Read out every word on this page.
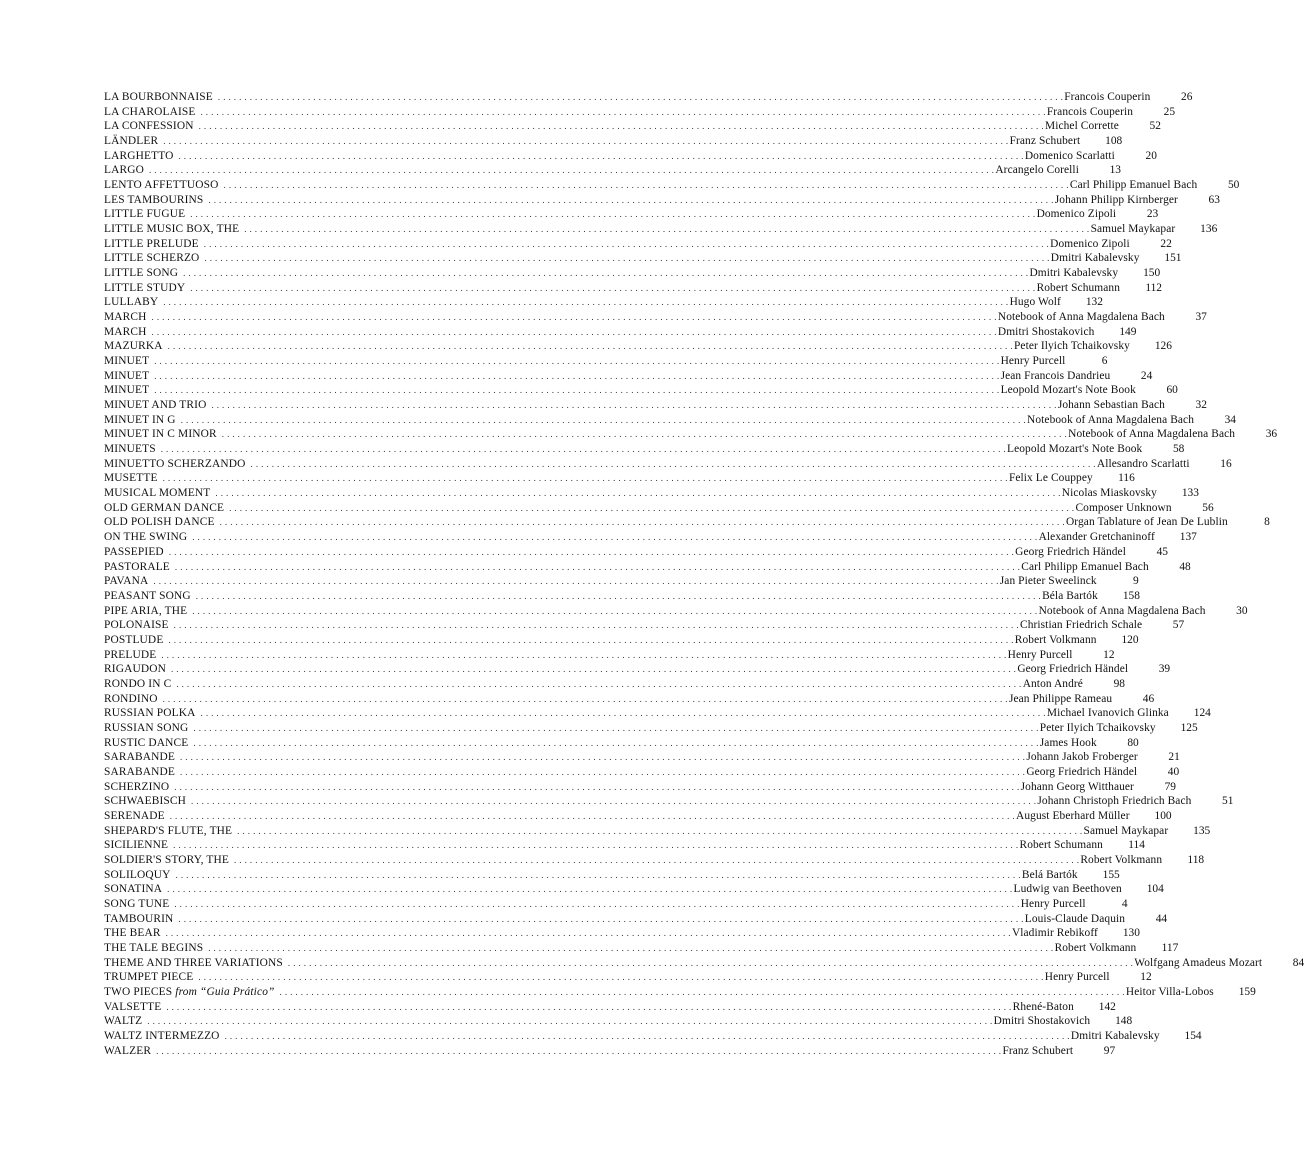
LA BOURBONNAISE . . . . . . . . . . . . . . . . . . . . . . . . . . . . . . . . . . . . . . . . . . . . . . . . . . . . . . . . . . . . . . . . . . . . . . . . . . . . . . . . . . . . . . . . . . . . . . . . . . . . . . . . . . . . . . . . . . . . . . . . . . . . . . . . . . . . . . . . . . . . . . . . . . . . . . . . . . . . . . . . Francois Couperin	26
LA CHAROLAISE . . . . . . . . . . . . . . . . . . . . . . . . . . . . . . . . . . . . . . . . . . . . . . . . . . . . . . . . . . . . . . . . . . . . . . . . . . . . . . . . . . . . . . . . . . . . . . . . . . . . . . . . . . . . . . . . . . . . . . . . . . . . . . . . . . . . . . . . . . . . . . . . . . . . . . . . . . . . . . . . Francois Couperin	25
LA CONFESSION . . . . . . . . . . . . . . . . . . . . . . . . . . . . . . . . . . . . . . . . . . . . . . . . . . . . . . . . . . . . . . . . . . . . . . . . . . . . . . . . . . . . . . . . . . . . . . . . . . . . . . . . . . . . . . . . . . . . . . . . . . . . . . . . . . . . . . . . . . . . . . . . . . . . . . . . . . . . . . . . Michel Corrette	52
LÄNDLER . . . . . . . . . . . . . . . . . . . . . . . . . . . . . . . . . . . . . . . . . . . . . . . . . . . . . . . . . . . . . . . . . . . . . . . . . . . . . . . . . . . . . . . . . . . . . . . . . . . . . . . . . . . . . . . . . . . . . . . . . . . . . . . . . . . . . . . . . . . . . . . . . . . . . . . . . . . . . . . . Franz Schubert	108
LARGHETTO . . . . . . . . . . . . . . . . . . . . . . . . . . . . . . . . . . . . . . . . . . . . . . . . . . . . . . . . . . . . . . . . . . . . . . . . . . . . . . . . . . . . . . . . . . . . . . . . . . . . . . . . . . . . . . . . . . . . . . . . . . . . . . . . . . . . . . . . . . . . . . . . . . . . . . . . . . . . . . . . Domenico Scarlatti	20
LARGO . . . . . . . . . . . . . . . . . . . . . . . . . . . . . . . . . . . . . . . . . . . . . . . . . . . . . . . . . . . . . . . . . . . . . . . . . . . . . . . . . . . . . . . . . . . . . . . . . . . . . . . . . . . . . . . . . . . . . . . . . . . . . . . . . . . . . . . . . . . . . . . . . . . . . . . . . . . . . . . . Arcangelo Corelli	13
LENTO AFFETTUOSO . . . . . . . . . . . . . . . . . . . . . . . . . . . . . . . . . . . . . . . . . . . . . . . . . . . . . . . . . . . . . . . . . . . . . . . . . . . . . . . . . . . . . . . . . . . . . . . . . . . . . . . . . . . . . . . . . . . . . . . . . . . . . . . . . . . . . . . . . . . . . . . . . . . . . . . . . . . . . . . . Carl Philipp Emanuel Bach	50
LES TAMBOURINS . . . . . . . . . . . . . . . . . . . . . . . . . . . . . . . . . . . . . . . . . . . . . . . . . . . . . . . . . . . . . . . . . . . . . . . . . . . . . . . . . . . . . . . . . . . . . . . . . . . . . . . . . . . . . . . . . . . . . . . . . . . . . . . . . . . . . . . . . . . . . . . . . . . . . . . . . . . . . . . . Johann Philipp Kirnberger	63
LITTLE FUGUE . . . . . . . . . . . . . . . . . . . . . . . . . . . . . . . . . . . . . . . . . . . . . . . . . . . . . . . . . . . . . . . . . . . . . . . . . . . . . . . . . . . . . . . . . . . . . . . . . . . . . . . . . . . . . . . . . . . . . . . . . . . . . . . . . . . . . . . . . . . . . . . . . . . . . . . . . . . . . . . . Domenico Zipoli	23
LITTLE MUSIC BOX, THE . . . . . . . . . . . . . . . . . . . . . . . . . . . . . . . . . . . . . . . . . . . . . . . . . . . . . . . . . . . . . . . . . . . . . . . . . . . . . . . . . . . . . . . . . . . . . . . . . . . . . . . . . . . . . . . . . . . . . . . . . . . . . . . . . . . . . . . . . . . . . . . . . . . . . . . . . . . . . . . . Samuel Maykapar	136
LITTLE PRELUDE . . . . . . . . . . . . . . . . . . . . . . . . . . . . . . . . . . . . . . . . . . . . . . . . . . . . . . . . . . . . . . . . . . . . . . . . . . . . . . . . . . . . . . . . . . . . . . . . . . . . . . . . . . . . . . . . . . . . . . . . . . . . . . . . . . . . . . . . . . . . . . . . . . . . . . . . . . . . . . . . Domenico Zipoli	22
LITTLE SCHERZO . . . . . . . . . . . . . . . . . . . . . . . . . . . . . . . . . . . . . . . . . . . . . . . . . . . . . . . . . . . . . . . . . . . . . . . . . . . . . . . . . . . . . . . . . . . . . . . . . . . . . . . . . . . . . . . . . . . . . . . . . . . . . . . . . . . . . . . . . . . . . . . . . . . . . . . . . . . . . . . . Dmitri Kabalevsky	151
LITTLE SONG . . . . . . . . . . . . . . . . . . . . . . . . . . . . . . . . . . . . . . . . . . . . . . . . . . . . . . . . . . . . . . . . . . . . . . . . . . . . . . . . . . . . . . . . . . . . . . . . . . . . . . . . . . . . . . . . . . . . . . . . . . . . . . . . . . . . . . . . . . . . . . . . . . . . . . . . . . . . . . . . Dmitri Kabalevsky	150
LITTLE STUDY . . . . . . . . . . . . . . . . . . . . . . . . . . . . . . . . . . . . . . . . . . . . . . . . . . . . . . . . . . . . . . . . . . . . . . . . . . . . . . . . . . . . . . . . . . . . . . . . . . . . . . . . . . . . . . . . . . . . . . . . . . . . . . . . . . . . . . . . . . . . . . . . . . . . . . . . . . . . . . . . Robert Schumann	112
LULLABY . . . . . . . . . . . . . . . . . . . . . . . . . . . . . . . . . . . . . . . . . . . . . . . . . . . . . . . . . . . . . . . . . . . . . . . . . . . . . . . . . . . . . . . . . . . . . . . . . . . . . . . . . . . . . . . . . . . . . . . . . . . . . . . . . . . . . . . . . . . . . . . . . . . . . . . . . . . . . . . . Hugo Wolf	132
MARCH . . . . . . . . . . . . . . . . . . . . . . . . . . . . . . . . . . . . . . . . . . . . . . . . . . . . . . . . . . . . . . . . . . . . . . . . . . . . . . . . . . . . . . . . . . . . . . . . . . . . . . . . . . . . . . . . . . . . . . . . . . . . . . . . . . . . . . . . . . . . . . . . . . . . . . . . . . . . . . . . Notebook of Anna Magdalena Bach	37
MARCH . . . . . . . . . . . . . . . . . . . . . . . . . . . . . . . . . . . . . . . . . . . . . . . . . . . . . . . . . . . . . . . . . . . . . . . . . . . . . . . . . . . . . . . . . . . . . . . . . . . . . . . . . . . . . . . . . . . . . . . . . . . . . . . . . . . . . . . . . . . . . . . . . . . . . . . . . . . . . . . . Dmitri Shostakovich	149
MAZURKA . . . . . . . . . . . . . . . . . . . . . . . . . . . . . . . . . . . . . . . . . . . . . . . . . . . . . . . . . . . . . . . . . . . . . . . . . . . . . . . . . . . . . . . . . . . . . . . . . . . . . . . . . . . . . . . . . . . . . . . . . . . . . . . . . . . . . . . . . . . . . . . . . . . . . . . . . . . . . . . . Peter Ilyich Tchaikovsky	126
MINUET . . . . . . . . . . . . . . . . . . . . . . . . . . . . . . . . . . . . . . . . . . . . . . . . . . . . . . . . . . . . . . . . . . . . . . . . . . . . . . . . . . . . . . . . . . . . . . . . . . . . . . . . . . . . . . . . . . . . . . . . . . . . . . . . . . . . . . . . . . . . . . . . . . . . . . . . . . . . . . . . Henry Purcell	6
MINUET . . . . . . . . . . . . . . . . . . . . . . . . . . . . . . . . . . . . . . . . . . . . . . . . . . . . . . . . . . . . . . . . . . . . . . . . . . . . . . . . . . . . . . . . . . . . . . . . . . . . . . . . . . . . . . . . . . . . . . . . . . . . . . . . . . . . . . . . . . . . . . . . . . . . . . . . . . . . . . . . Jean Francois Dandrieu	24
MINUET . . . . . . . . . . . . . . . . . . . . . . . . . . . . . . . . . . . . . . . . . . . . . . . . . . . . . . . . . . . . . . . . . . . . . . . . . . . . . . . . . . . . . . . . . . . . . . . . . . . . . . . . . . . . . . . . . . . . . . . . . . . . . . . . . . . . . . . . . . . . . . . . . . . . . . . . . . . . . . . . Leopold Mozart's Note Book	60
MINUET AND TRIO . . . . . . . . . . . . . . . . . . . . . . . . . . . . . . . . . . . . . . . . . . . . . . . . . . . . . . . . . . . . . . . . . . . . . . . . . . . . . . . . . . . . . . . . . . . . . . . . . . . . . . . . . . . . . . . . . . . . . . . . . . . . . . . . . . . . . . . . . . . . . . . . . . . . . . . . . . . . . . . . Johann Sebastian Bach	32
MINUET IN G . . . . . . . . . . . . . . . . . . . . . . . . . . . . . . . . . . . . . . . . . . . . . . . . . . . . . . . . . . . . . . . . . . . . . . . . . . . . . . . . . . . . . . . . . . . . . . . . . . . . . . . . . . . . . . . . . . . . . . . . . . . . . . . . . . . . . . . . . . . . . . . . . . . . . . . . . . . . . . . . Notebook of Anna Magdalena Bach	34
MINUET IN C MINOR . . . . . . . . . . . . . . . . . . . . . . . . . . . . . . . . . . . . . . . . . . . . . . . . . . . . . . . . . . . . . . . . . . . . . . . . . . . . . . . . . . . . . . . . . . . . . . . . . . . . . . . . . . . . . . . . . . . . . . . . . . . . . . . . . . . . . . . . . . . . . . . . . . . . . . . . . . . . . . . . Notebook of Anna Magdalena Bach	36
MINUETS . . . . . . . . . . . . . . . . . . . . . . . . . . . . . . . . . . . . . . . . . . . . . . . . . . . . . . . . . . . . . . . . . . . . . . . . . . . . . . . . . . . . . . . . . . . . . . . . . . . . . . . . . . . . . . . . . . . . . . . . . . . . . . . . . . . . . . . . . . . . . . . . . . . . . . . . . . . . . . . . Leopold Mozart's Note Book	58
MINUETTO SCHERZANDO . . . . . . . . . . . . . . . . . . . . . . . . . . . . . . . . . . . . . . . . . . . . . . . . . . . . . . . . . . . . . . . . . . . . . . . . . . . . . . . . . . . . . . . . . . . . . . . . . . . . . . . . . . . . . . . . . . . . . . . . . . . . . . . . . . . . . . . . . . . . . . . . . . . . . . . . . . . . . . . . Allesandro Scarlatti	16
MUSETTE . . . . . . . . . . . . . . . . . . . . . . . . . . . . . . . . . . . . . . . . . . . . . . . . . . . . . . . . . . . . . . . . . . . . . . . . . . . . . . . . . . . . . . . . . . . . . . . . . . . . . . . . . . . . . . . . . . . . . . . . . . . . . . . . . . . . . . . . . . . . . . . . . . . . . . . . . . . . . . . . Felix Le Couppey	116
MUSICAL MOMENT . . . . . . . . . . . . . . . . . . . . . . . . . . . . . . . . . . . . . . . . . . . . . . . . . . . . . . . . . . . . . . . . . . . . . . . . . . . . . . . . . . . . . . . . . . . . . . . . . . . . . . . . . . . . . . . . . . . . . . . . . . . . . . . . . . . . . . . . . . . . . . . . . . . . . . . . . . . . . . . . Nicolas Miaskovsky	133
OLD GERMAN DANCE . . . . . . . . . . . . . . . . . . . . . . . . . . . . . . . . . . . . . . . . . . . . . . . . . . . . . . . . . . . . . . . . . . . . . . . . . . . . . . . . . . . . . . . . . . . . . . . . . . . . . . . . . . . . . . . . . . . . . . . . . . . . . . . . . . . . . . . . . . . . . . . . . . . . . . . . . . . . . . . . Composer Unknown	56
OLD POLISH DANCE . . . . . . . . . . . . . . . . . . . . . . . . . . . . . . . . . . . . . . . . . . . . . . . . . . . . . . . . . . . . . . . . . . . . . . . . . . . . . . . . . . . . . . . . . . . . . . . . . . . . . . . . . . . . . . . . . . . . . . . . . . . . . . . . . . . . . . . . . . . . . . . . . . . . . . . . . . . . . . . . Organ Tablature of Jean De Lublin	8
ON THE SWING . . . . . . . . . . . . . . . . . . . . . . . . . . . . . . . . . . . . . . . . . . . . . . . . . . . . . . . . . . . . . . . . . . . . . . . . . . . . . . . . . . . . . . . . . . . . . . . . . . . . . . . . . . . . . . . . . . . . . . . . . . . . . . . . . . . . . . . . . . . . . . . . . . . . . . . . . . . . . . . . Alexander Gretchaninoff	137
PASSEPIED . . . . . . . . . . . . . . . . . . . . . . . . . . . . . . . . . . . . . . . . . . . . . . . . . . . . . . . . . . . . . . . . . . . . . . . . . . . . . . . . . . . . . . . . . . . . . . . . . . . . . . . . . . . . . . . . . . . . . . . . . . . . . . . . . . . . . . . . . . . . . . . . . . . . . . . . . . . . . . . . Georg Friedrich Händel	45
PASTORALE . . . . . . . . . . . . . . . . . . . . . . . . . . . . . . . . . . . . . . . . . . . . . . . . . . . . . . . . . . . . . . . . . . . . . . . . . . . . . . . . . . . . . . . . . . . . . . . . . . . . . . . . . . . . . . . . . . . . . . . . . . . . . . . . . . . . . . . . . . . . . . . . . . . . . . . . . . . . . . . . Carl Philipp Emanuel Bach	48
PAVANA . . . . . . . . . . . . . . . . . . . . . . . . . . . . . . . . . . . . . . . . . . . . . . . . . . . . . . . . . . . . . . . . . . . . . . . . . . . . . . . . . . . . . . . . . . . . . . . . . . . . . . . . . . . . . . . . . . . . . . . . . . . . . . . . . . . . . . . . . . . . . . . . . . . . . . . . . . . . . . . . Jan Pieter Sweelinck	9
PEASANT SONG . . . . . . . . . . . . . . . . . . . . . . . . . . . . . . . . . . . . . . . . . . . . . . . . . . . . . . . . . . . . . . . . . . . . . . . . . . . . . . . . . . . . . . . . . . . . . . . . . . . . . . . . . . . . . . . . . . . . . . . . . . . . . . . . . . . . . . . . . . . . . . . . . . . . . . . . . . . . . . . . Béla Bartók	158
PIPE ARIA, THE . . . . . . . . . . . . . . . . . . . . . . . . . . . . . . . . . . . . . . . . . . . . . . . . . . . . . . . . . . . . . . . . . . . . . . . . . . . . . . . . . . . . . . . . . . . . . . . . . . . . . . . . . . . . . . . . . . . . . . . . . . . . . . . . . . . . . . . . . . . . . . . . . . . . . . . . . . . . . . . . Notebook of Anna Magdalena Bach	30
POLONAISE . . . . . . . . . . . . . . . . . . . . . . . . . . . . . . . . . . . . . . . . . . . . . . . . . . . . . . . . . . . . . . . . . . . . . . . . . . . . . . . . . . . . . . . . . . . . . . . . . . . . . . . . . . . . . . . . . . . . . . . . . . . . . . . . . . . . . . . . . . . . . . . . . . . . . . . . . . . . . . . . Christian Friedrich Schale	57
POSTLUDE . . . . . . . . . . . . . . . . . . . . . . . . . . . . . . . . . . . . . . . . . . . . . . . . . . . . . . . . . . . . . . . . . . . . . . . . . . . . . . . . . . . . . . . . . . . . . . . . . . . . . . . . . . . . . . . . . . . . . . . . . . . . . . . . . . . . . . . . . . . . . . . . . . . . . . . . . . . . . . . . Robert Volkmann	120
PRELUDE . . . . . . . . . . . . . . . . . . . . . . . . . . . . . . . . . . . . . . . . . . . . . . . . . . . . . . . . . . . . . . . . . . . . . . . . . . . . . . . . . . . . . . . . . . . . . . . . . . . . . . . . . . . . . . . . . . . . . . . . . . . . . . . . . . . . . . . . . . . . . . . . . . . . . . . . . . . . . . . . Henry Purcell	12
RIGAUDON . . . . . . . . . . . . . . . . . . . . . . . . . . . . . . . . . . . . . . . . . . . . . . . . . . . . . . . . . . . . . . . . . . . . . . . . . . . . . . . . . . . . . . . . . . . . . . . . . . . . . . . . . . . . . . . . . . . . . . . . . . . . . . . . . . . . . . . . . . . . . . . . . . . . . . . . . . . . . . . . Georg Friedrich Händel	39
RONDO IN C . . . . . . . . . . . . . . . . . . . . . . . . . . . . . . . . . . . . . . . . . . . . . . . . . . . . . . . . . . . . . . . . . . . . . . . . . . . . . . . . . . . . . . . . . . . . . . . . . . . . . . . . . . . . . . . . . . . . . . . . . . . . . . . . . . . . . . . . . . . . . . . . . . . . . . . . . . . . . . . . Anton André	98
RONDINO . . . . . . . . . . . . . . . . . . . . . . . . . . . . . . . . . . . . . . . . . . . . . . . . . . . . . . . . . . . . . . . . . . . . . . . . . . . . . . . . . . . . . . . . . . . . . . . . . . . . . . . . . . . . . . . . . . . . . . . . . . . . . . . . . . . . . . . . . . . . . . . . . . . . . . . . . . . . . . . . Jean Philippe Rameau	46
RUSSIAN POLKA . . . . . . . . . . . . . . . . . . . . . . . . . . . . . . . . . . . . . . . . . . . . . . . . . . . . . . . . . . . . . . . . . . . . . . . . . . . . . . . . . . . . . . . . . . . . . . . . . . . . . . . . . . . . . . . . . . . . . . . . . . . . . . . . . . . . . . . . . . . . . . . . . . . . . . . . . . . . . . . . Michael Ivanovich Glinka	124
RUSSIAN SONG . . . . . . . . . . . . . . . . . . . . . . . . . . . . . . . . . . . . . . . . . . . . . . . . . . . . . . . . . . . . . . . . . . . . . . . . . . . . . . . . . . . . . . . . . . . . . . . . . . . . . . . . . . . . . . . . . . . . . . . . . . . . . . . . . . . . . . . . . . . . . . . . . . . . . . . . . . . . . . . . Peter Ilyich Tchaikovsky	125
RUSTIC DANCE . . . . . . . . . . . . . . . . . . . . . . . . . . . . . . . . . . . . . . . . . . . . . . . . . . . . . . . . . . . . . . . . . . . . . . . . . . . . . . . . . . . . . . . . . . . . . . . . . . . . . . . . . . . . . . . . . . . . . . . . . . . . . . . . . . . . . . . . . . . . . . . . . . . . . . . . . . . . . . . . James Hook	80
SARABANDE . . . . . . . . . . . . . . . . . . . . . . . . . . . . . . . . . . . . . . . . . . . . . . . . . . . . . . . . . . . . . . . . . . . . . . . . . . . . . . . . . . . . . . . . . . . . . . . . . . . . . . . . . . . . . . . . . . . . . . . . . . . . . . . . . . . . . . . . . . . . . . . . . . . . . . . . . . . . . . . . Johann Jakob Froberger	21
SARABANDE . . . . . . . . . . . . . . . . . . . . . . . . . . . . . . . . . . . . . . . . . . . . . . . . . . . . . . . . . . . . . . . . . . . . . . . . . . . . . . . . . . . . . . . . . . . . . . . . . . . . . . . . . . . . . . . . . . . . . . . . . . . . . . . . . . . . . . . . . . . . . . . . . . . . . . . . . . . . . . . . Georg Friedrich Händel	40
SCHERZINO . . . . . . . . . . . . . . . . . . . . . . . . . . . . . . . . . . . . . . . . . . . . . . . . . . . . . . . . . . . . . . . . . . . . . . . . . . . . . . . . . . . . . . . . . . . . . . . . . . . . . . . . . . . . . . . . . . . . . . . . . . . . . . . . . . . . . . . . . . . . . . . . . . . . . . . . . . . . . . . . Johann Georg Witthauer	79
SCHWAEBISCH . . . . . . . . . . . . . . . . . . . . . . . . . . . . . . . . . . . . . . . . . . . . . . . . . . . . . . . . . . . . . . . . . . . . . . . . . . . . . . . . . . . . . . . . . . . . . . . . . . . . . . . . . . . . . . . . . . . . . . . . . . . . . . . . . . . . . . . . . . . . . . . . . . . . . . . . . . . . . . . . Johann Christoph Friedrich Bach	51
SERENADE . . . . . . . . . . . . . . . . . . . . . . . . . . . . . . . . . . . . . . . . . . . . . . . . . . . . . . . . . . . . . . . . . . . . . . . . . . . . . . . . . . . . . . . . . . . . . . . . . . . . . . . . . . . . . . . . . . . . . . . . . . . . . . . . . . . . . . . . . . . . . . . . . . . . . . . . . . . . . . . . August Eberhard Müller	100
SHEPARD'S FLUTE, THE . . . . . . . . . . . . . . . . . . . . . . . . . . . . . . . . . . . . . . . . . . . . . . . . . . . . . . . . . . . . . . . . . . . . . . . . . . . . . . . . . . . . . . . . . . . . . . . . . . . . . . . . . . . . . . . . . . . . . . . . . . . . . . . . . . . . . . . . . . . . . . . . . . . . . . . . . . . . . . . . Samuel Maykapar	135
SICILIENNE . . . . . . . . . . . . . . . . . . . . . . . . . . . . . . . . . . . . . . . . . . . . . . . . . . . . . . . . . . . . . . . . . . . . . . . . . . . . . . . . . . . . . . . . . . . . . . . . . . . . . . . . . . . . . . . . . . . . . . . . . . . . . . . . . . . . . . . . . . . . . . . . . . . . . . . . . . . . . . . . Robert Schumann	114
SOLDIER'S STORY, THE . . . . . . . . . . . . . . . . . . . . . . . . . . . . . . . . . . . . . . . . . . . . . . . . . . . . . . . . . . . . . . . . . . . . . . . . . . . . . . . . . . . . . . . . . . . . . . . . . . . . . . . . . . . . . . . . . . . . . . . . . . . . . . . . . . . . . . . . . . . . . . . . . . . . . . . . . . . . . . . . Robert Volkmann	118
SOLILOQUY . . . . . . . . . . . . . . . . . . . . . . . . . . . . . . . . . . . . . . . . . . . . . . . . . . . . . . . . . . . . . . . . . . . . . . . . . . . . . . . . . . . . . . . . . . . . . . . . . . . . . . . . . . . . . . . . . . . . . . . . . . . . . . . . . . . . . . . . . . . . . . . . . . . . . . . . . . . . . . . . Belá Bartók	155
SONATINA . . . . . . . . . . . . . . . . . . . . . . . . . . . . . . . . . . . . . . . . . . . . . . . . . . . . . . . . . . . . . . . . . . . . . . . . . . . . . . . . . . . . . . . . . . . . . . . . . . . . . . . . . . . . . . . . . . . . . . . . . . . . . . . . . . . . . . . . . . . . . . . . . . . . . . . . . . . . . . . . Ludwig van Beethoven	104
SONG TUNE . . . . . . . . . . . . . . . . . . . . . . . . . . . . . . . . . . . . . . . . . . . . . . . . . . . . . . . . . . . . . . . . . . . . . . . . . . . . . . . . . . . . . . . . . . . . . . . . . . . . . . . . . . . . . . . . . . . . . . . . . . . . . . . . . . . . . . . . . . . . . . . . . . . . . . . . . . . . . . . . Henry Purcell	4
TAMBOURIN . . . . . . . . . . . . . . . . . . . . . . . . . . . . . . . . . . . . . . . . . . . . . . . . . . . . . . . . . . . . . . . . . . . . . . . . . . . . . . . . . . . . . . . . . . . . . . . . . . . . . . . . . . . . . . . . . . . . . . . . . . . . . . . . . . . . . . . . . . . . . . . . . . . . . . . . . . . . . . . . Louis-Claude Daquin	44
THE BEAR . . . . . . . . . . . . . . . . . . . . . . . . . . . . . . . . . . . . . . . . . . . . . . . . . . . . . . . . . . . . . . . . . . . . . . . . . . . . . . . . . . . . . . . . . . . . . . . . . . . . . . . . . . . . . . . . . . . . . . . . . . . . . . . . . . . . . . . . . . . . . . . . . . . . . . . . . . . . . . . . Vladimir Rebikoff	130
THE TALE BEGINS . . . . . . . . . . . . . . . . . . . . . . . . . . . . . . . . . . . . . . . . . . . . . . . . . . . . . . . . . . . . . . . . . . . . . . . . . . . . . . . . . . . . . . . . . . . . . . . . . . . . . . . . . . . . . . . . . . . . . . . . . . . . . . . . . . . . . . . . . . . . . . . . . . . . . . . . . . . . . . . . Robert Volkmann	117
THEME AND THREE VARIATIONS . . . . . . . . . . . . . . . . . . . . . . . . . . . . . . . . . . . . . . . . . . . . . . . . . . . . . . . . . . . . . . . . . . . . . . . . . . . . . . . . . . . . . . . . . . . . . . . . . . . . . . . . . . . . . . . . . . . . . . . . . . . . . . . . . . . . . . . . . . . . . . . . . . . . . . . . . . . . . . . . Wolfgang Amadeus Mozart	84
TRUMPET PIECE . . . . . . . . . . . . . . . . . . . . . . . . . . . . . . . . . . . . . . . . . . . . . . . . . . . . . . . . . . . . . . . . . . . . . . . . . . . . . . . . . . . . . . . . . . . . . . . . . . . . . . . . . . . . . . . . . . . . . . . . . . . . . . . . . . . . . . . . . . . . . . . . . . . . . . . . . . . . . . . . Henry Purcell	12
TWO PIECES from “Guia Prático” . . . . . . . . . . . . . . . . . . . . . . . . . . . . . . . . . . . . . . . . . . . . . . . . . . . . . . . . . . . . . . . . . . . . . . . . . . . . . . . . . . . . . . . . . . . . . . . . . . . . . . . . . . . . . . . . . . . . . . . . . . . . . . . . . . . . . . . . . . . . . . . . . . . . . . . . . . . . . . . . Heitor Villa-Lobos	159
VALSETTE . . . . . . . . . . . . . . . . . . . . . . . . . . . . . . . . . . . . . . . . . . . . . . . . . . . . . . . . . . . . . . . . . . . . . . . . . . . . . . . . . . . . . . . . . . . . . . . . . . . . . . . . . . . . . . . . . . . . . . . . . . . . . . . . . . . . . . . . . . . . . . . . . . . . . . . . . . . . . . . . Rhené-Baton	142
WALTZ . . . . . . . . . . . . . . . . . . . . . . . . . . . . . . . . . . . . . . . . . . . . . . . . . . . . . . . . . . . . . . . . . . . . . . . . . . . . . . . . . . . . . . . . . . . . . . . . . . . . . . . . . . . . . . . . . . . . . . . . . . . . . . . . . . . . . . . . . . . . . . . . . . . . . . . . . . . . . . . . Dmitri Shostakovich	148
WALTZ INTERMEZZO . . . . . . . . . . . . . . . . . . . . . . . . . . . . . . . . . . . . . . . . . . . . . . . . . . . . . . . . . . . . . . . . . . . . . . . . . . . . . . . . . . . . . . . . . . . . . . . . . . . . . . . . . . . . . . . . . . . . . . . . . . . . . . . . . . . . . . . . . . . . . . . . . . . . . . . . . . . . . . . . Dmitri Kabalevsky	154
WALZER . . . . . . . . . . . . . . . . . . . . . . . . . . . . . . . . . . . . . . . . . . . . . . . . . . . . . . . . . . . . . . . . . . . . . . . . . . . . . . . . . . . . . . . . . . . . . . . . . . . . . . . . . . . . . . . . . . . . . . . . . . . . . . . . . . . . . . . . . . . . . . . . . . . . . . . . . . . . . . . . Franz Schubert	97
